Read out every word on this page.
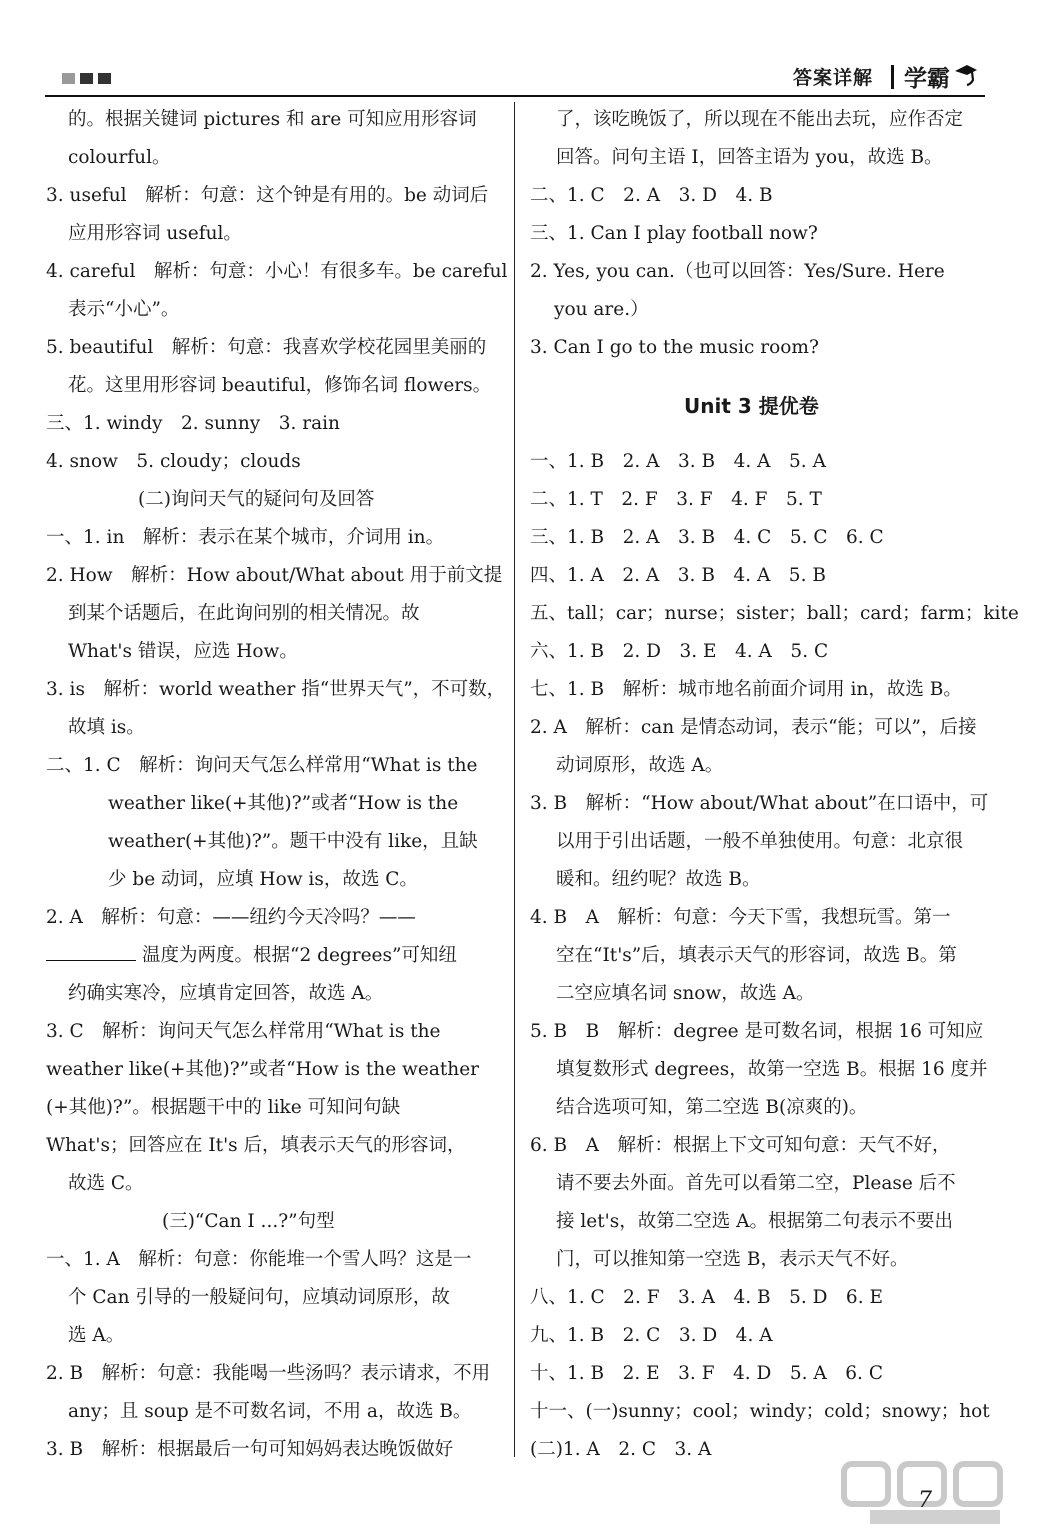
答案详解 学霸
的。根据关键词 pictures 和 are 可知应用形容词
colourful。
3. useful　解析：句意：这个钟是有用的。be 动词后
应用形容词 useful。
4. careful　解析：句意：小心！有很多车。be careful
表示“小心”。
5. beautiful　解析：句意：我喜欢学校花园里美丽的
花。这里用形容词 beautiful，修饰名词 flowers。
三、1. windy　2. sunny　3. rain
4. snow　5. cloudy；clouds
(二)询问天气的疑问句及回答
一、1. in　解析：表示在某个城市，介词用 in。
2. How　解析：How about/What about 用于前文提
到某个话题后，在此询问别的相关情况。故
What's 错误，应选 How。
3. is　解析：world weather 指“世界天气”，不可数，
故填 is。
二、1. C　解析：询问天气怎么样常用“What is the
weather like(+其他)?”或者“How is the
weather(+其他)?”。题干中没有 like，且缺
少 be 动词，应填 How is，故选 C。
2. A　解析：句意：——纽约今天冷吗？——
温度为两度。根据“2 degrees”可知纽
约确实寒冷，应填肯定回答，故选 A。
3. C　解析：询问天气怎么样常用“What is the
weather like(+其他)?”或者“How is the weather
(+其他)?”。根据题干中的 like 可知问句缺
What's；回答应在 It's 后，填表示天气的形容词，
故选 C。
(三)“Can I ...?”句型
一、1. A　解析：句意：你能堆一个雪人吗？这是一
个 Can 引导的一般疑问句，应填动词原形，故
选 A。
2. B　解析：句意：我能喝一些汤吗？表示请求，不用
any；且 soup 是不可数名词，不用 a，故选 B。
3. B　解析：根据最后一句可知妈妈表达晚饭做好
了，该吃晚饭了，所以现在不能出去玩，应作否定
回答。问句主语 I，回答主语为 you，故选 B。
二、1. C　2. A　3. D　4. B
三、1. Can I play football now?
2. Yes, you can.（也可以回答：Yes/Sure. Here
you are.）
3. Can I go to the music room?
Unit 3 提优卷
一、1. B　2. A　3. B　4. A　5. A
二、1. T　2. F　3. F　4. F　5. T
三、1. B　2. A　3. B　4. C　5. C　6. C
四、1. A　2. A　3. B　4. A　5. B
五、tall；car；nurse；sister；ball；card；farm；kite
六、1. B　2. D　3. E　4. A　5. C
七、1. B　解析：城市地名前面介词用 in，故选 B。
2. A　解析：can 是情态动词，表示“能；可以”，后接
动词原形，故选 A。
3. B　解析：“How about/What about”在口语中，可
以用于引出话题，一般不单独使用。句意：北京很
暖和。纽约呢？故选 B。
4. B　A　解析：句意：今天下雪，我想玩雪。第一
空在“It's”后，填表示天气的形容词，故选 B。第
二空应填名词 snow，故选 A。
5. B　B　解析：degree 是可数名词，根据 16 可知应
填复数形式 degrees，故第一空选 B。根据 16 度并
结合选项可知，第二空选 B(凉爽的)。
6. B　A　解析：根据上下文可知句意：天气不好，
请不要去外面。首先可以看第二空，Please 后不
接 let's，故第二空选 A。根据第二句表示不要出
门，可以推知第一空选 B，表示天气不好。
八、1. C　2. F　3. A　4. B　5. D　6. E
九、1. B　2. C　3. D　4. A
十、1. B　2. E　3. F　4. D　5. A　6. C
十一、(一)sunny；cool；windy；cold；snowy；hot
(二)1. A　2. C　3. A
7
